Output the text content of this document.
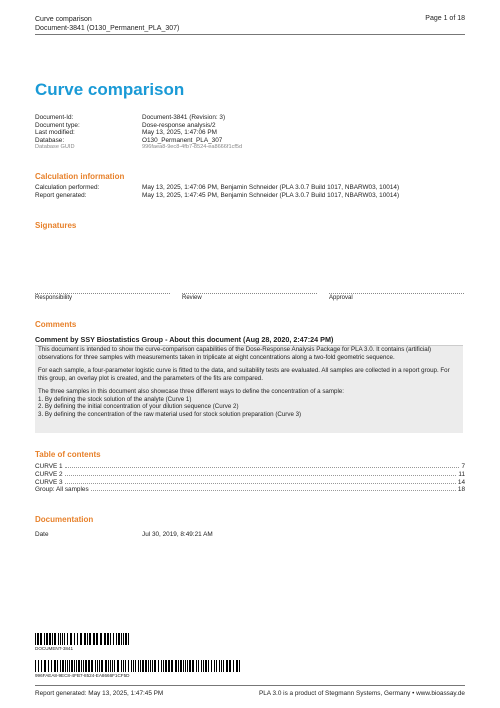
Curve comparison
Document-3841 (O130_Permanent_PLA_307)
Page 1 of 18
Curve comparison
Document-Id:	Document-3841 (Revision: 3)
Document type:	Dose-response analysis/2
Last modified:	May 13, 2025, 1:47:06 PM
Database:	O130_Permanent_PLA_307
Database GUID	996faea8-9ec8-4fb7-8524-ea8666f1cf5d
Calculation information
Calculation performed:	May 13, 2025, 1:47:06 PM, Benjamin Schneider (PLA 3.0.7 Build 1017, NBARW03, 10014)
Report generated:	May 13, 2025, 1:47:45 PM, Benjamin Schneider (PLA 3.0.7 Build 1017, NBARW03, 10014)
Signatures
Responsibility	Review	Approval
Comments
Comment by SSY Biostatistics Group - About this document (Aug 28, 2020, 2:47:24 PM)

This document is intended to show the curve-comparison capabilities of the Dose-Response Analysis Package for PLA 3.0. It contains (artificial) observations for three samples with measurements taken in triplicate at eight concentrations along a two-fold geometric sequence.

For each sample, a four-parameter logistic curve is fitted to the data, and suitability tests are evaluated. All samples are collected in a report group. For this group, an overlay plot is created, and the parameters of the fits are compared.

The three samples in this document also showcase three different ways to define the concentration of a sample:

1. By defining the stock solution of the analyte (Curve 1)
2. By defining the initial concentration of your dilution sequence (Curve 2)
3. By defining the concentration of the raw material used for stock solution preparation (Curve 3)
Table of contents
CURVE 1	7
CURVE 2	11
CURVE 3	14
Group: All samples	18
Documentation
Date	Jul 30, 2019, 8:49:21 AM
DOCUMENT-3841
996FAEA8-9EC8-4FB7-8524-EA8666F1CF5D
Report generated: May 13, 2025, 1:47:45 PM	PLA 3.0 is a product of Stegmann Systems, Germany • www.bioassay.de
